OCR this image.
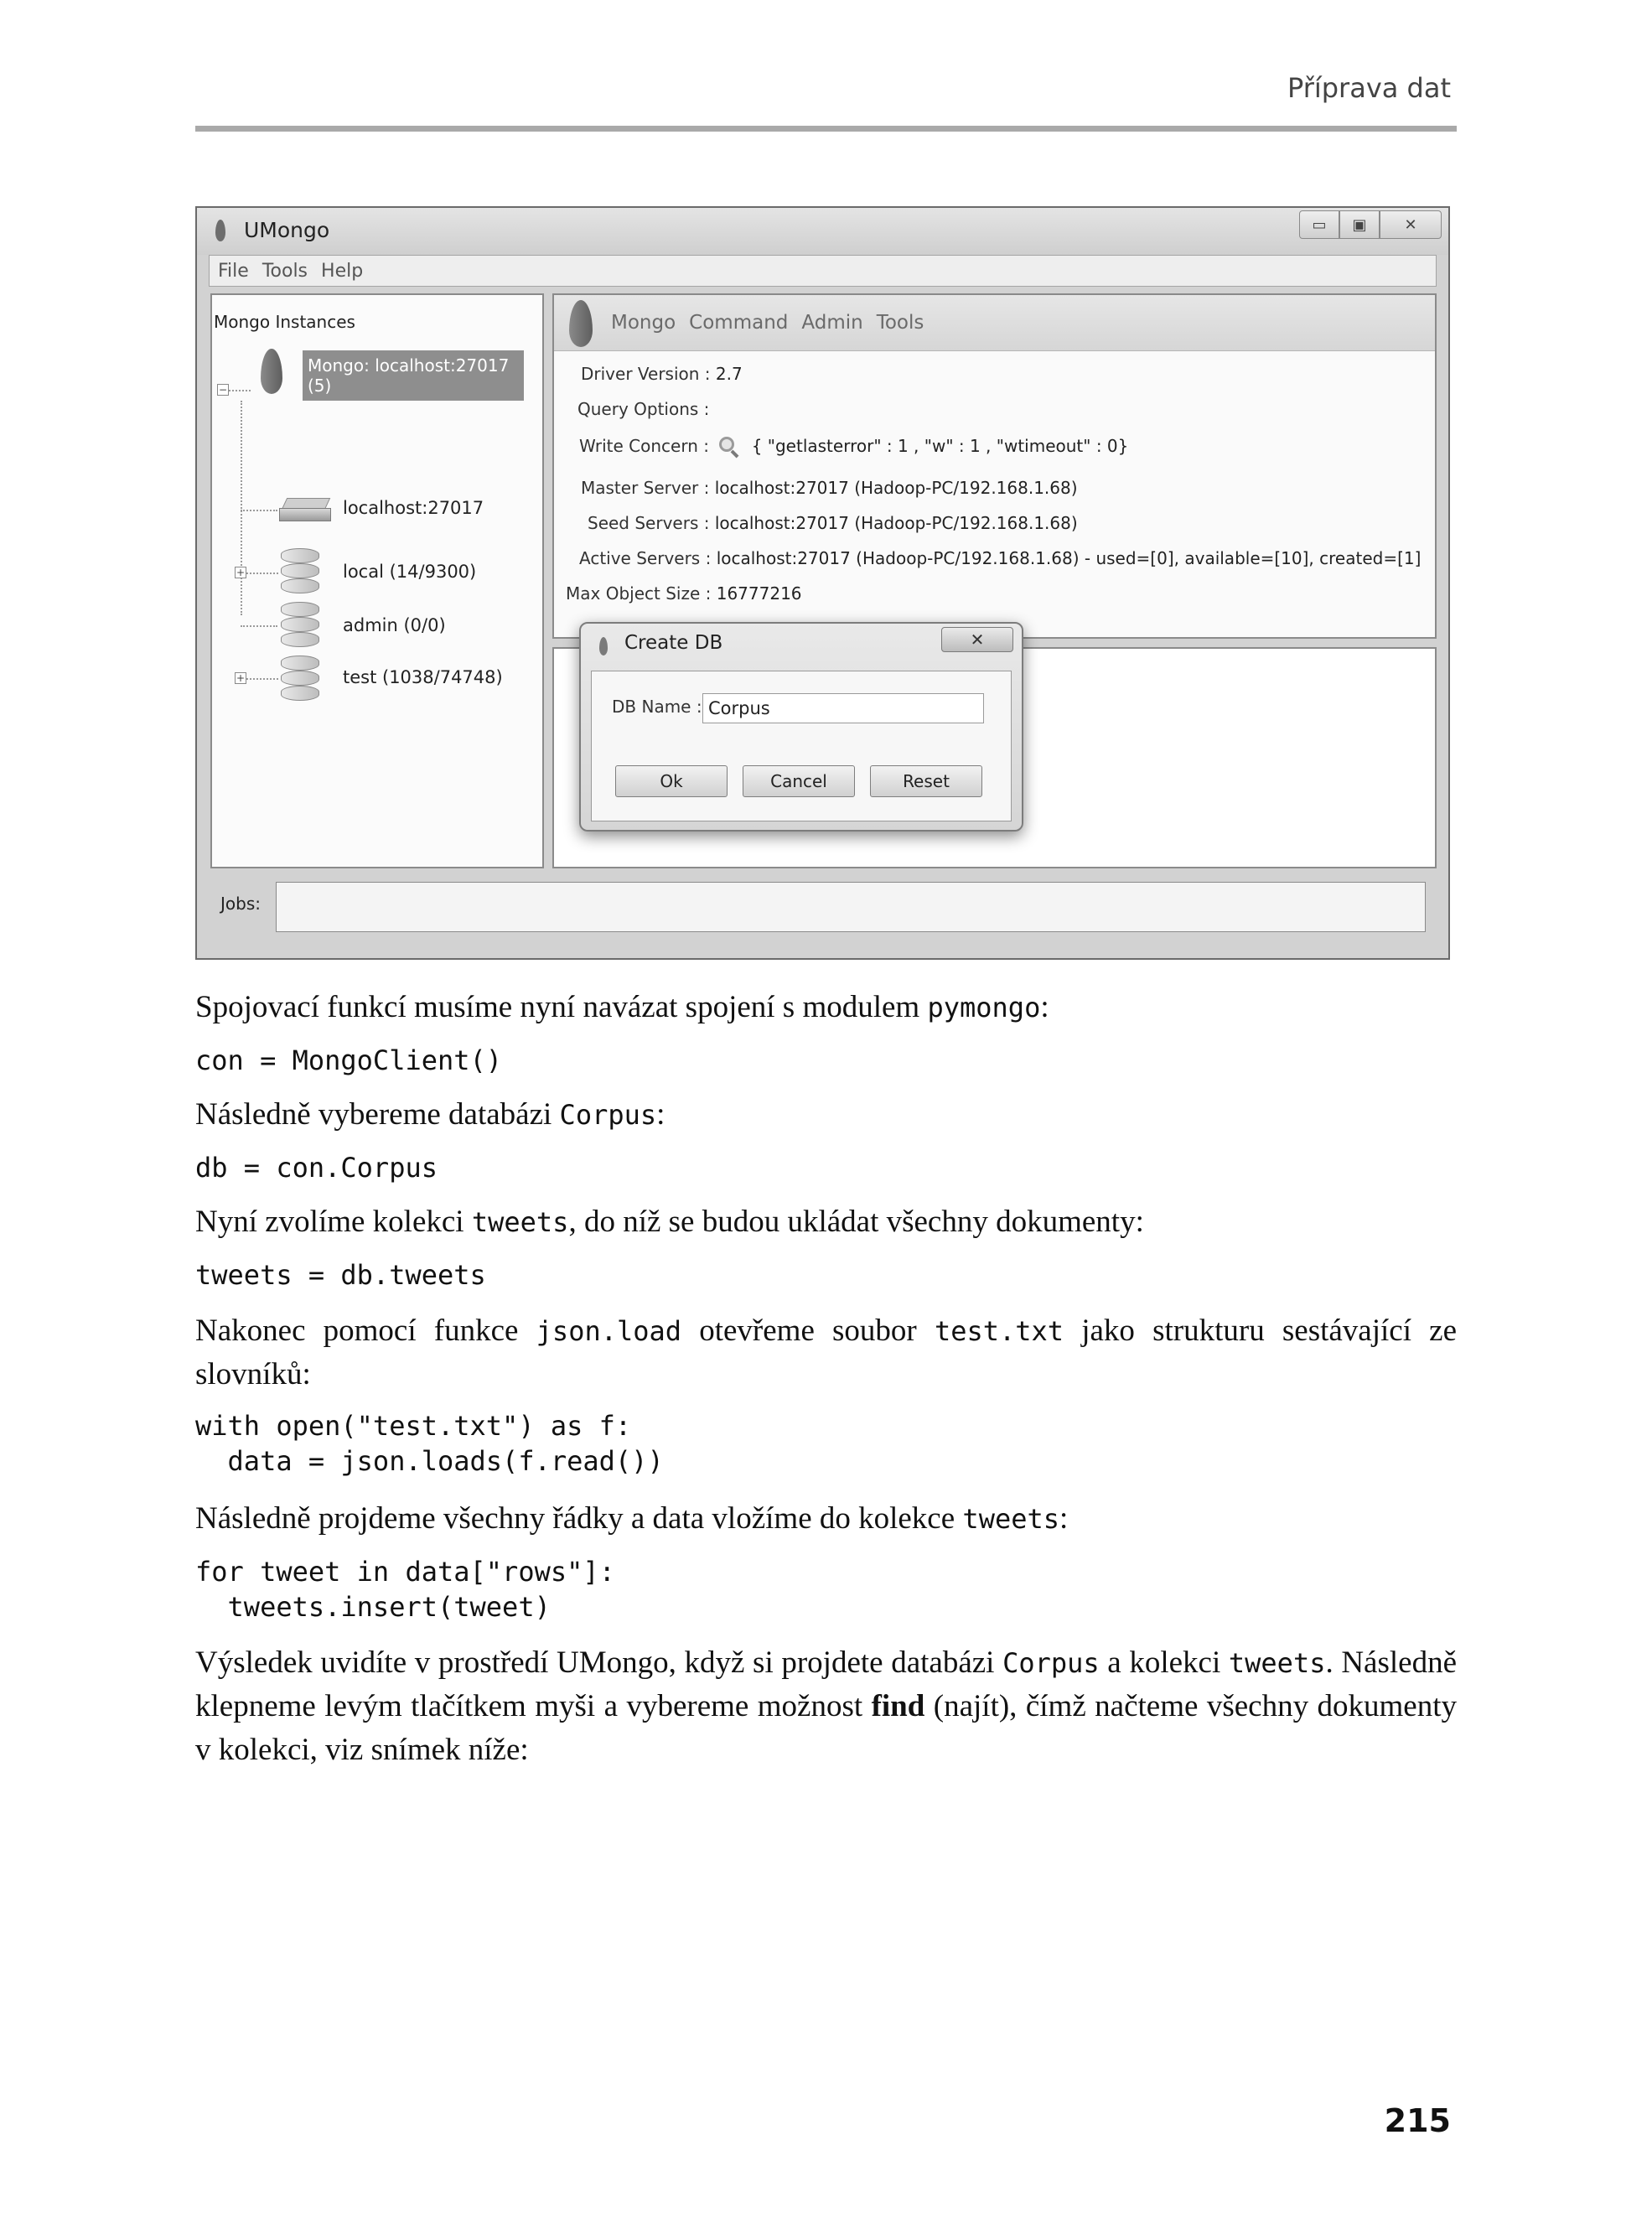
Příprava dat
UMongo	▭	▣	✕
File Tools Help
Mongo Instances
−
Mongo: localhost:27017 (5)
localhost:27017
+	local (14/9300)
admin (0/0)
+	test (1038/74748)
Mongo Command Admin Tools
Driver Version : 2.7
Query Options :
Write Concern :	{ "getlasterror" : 1 , "w" : 1 , "wtimeout" : 0}
Master Server : localhost:27017 (Hadoop-PC/192.168.1.68)
Seed Servers : localhost:27017 (Hadoop-PC/192.168.1.68)
Active Servers : localhost:27017 (Hadoop-PC/192.168.1.68) - used=[0], available=[10], created=[1]
Max Object Size : 16777216
Create DB	✕
DB Name :
Corpus
Ok	Cancel	Reset
Jobs:

Spojovací funkcí musíme nyní navázat spojení s modulem pymongo:

con = MongoClient()

Následně vybereme databázi Corpus:

db = con.Corpus

Nyní zvolíme kolekci tweets, do níž se budou ukládat všechny dokumenty:

tweets = db.tweets

Nakonec pomocí funkce json.load otevřeme soubor test.txt jako strukturu sestávající ze slovníků:

with open("test.txt") as f:
data = json.loads(f.read())

Následně projdeme všechny řádky a data vložíme do kolekce tweets:

for tweet in data["rows"]:
tweets.insert(tweet)

Výsledek uvidíte v prostředí UMongo, když si projdete databázi Corpus a kolekci tweets. Následně klepneme levým tlačítkem myši a vybereme možnost find (najít), čímž načteme všechny dokumenty v kolekci, viz snímek níže:

215
